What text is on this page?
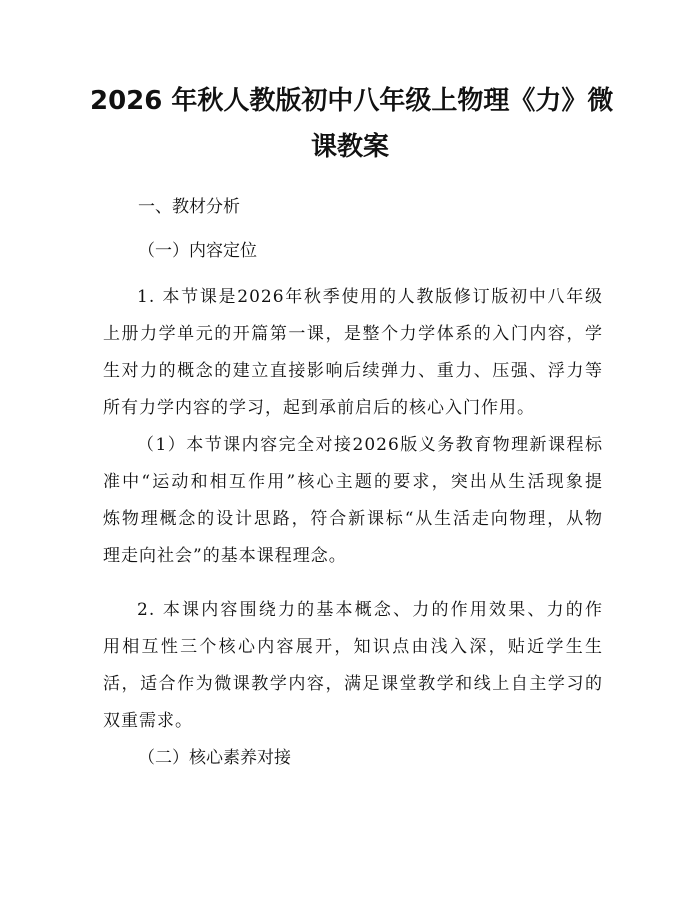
2026 年秋人教版初中八年级上物理《力》微
课教案
一、教材分析
（一）内容定位
1. 本节课是2026年秋季使用的人教版修订版初中八年级
上册力学单元的开篇第一课，是整个力学体系的入门内容，学
生对力的概念的建立直接影响后续弹力、重力、压强、浮力等
所有力学内容的学习，起到承前启后的核心入门作用。
（1）本节课内容完全对接2026版义务教育物理新课程标
准中“运动和相互作用”核心主题的要求，突出从生活现象提
炼物理概念的设计思路，符合新课标“从生活走向物理，从物
理走向社会”的基本课程理念。
2. 本课内容围绕力的基本概念、力的作用效果、力的作
用相互性三个核心内容展开，知识点由浅入深，贴近学生生
活，适合作为微课教学内容，满足课堂教学和线上自主学习的
双重需求。
（二）核心素养对接
